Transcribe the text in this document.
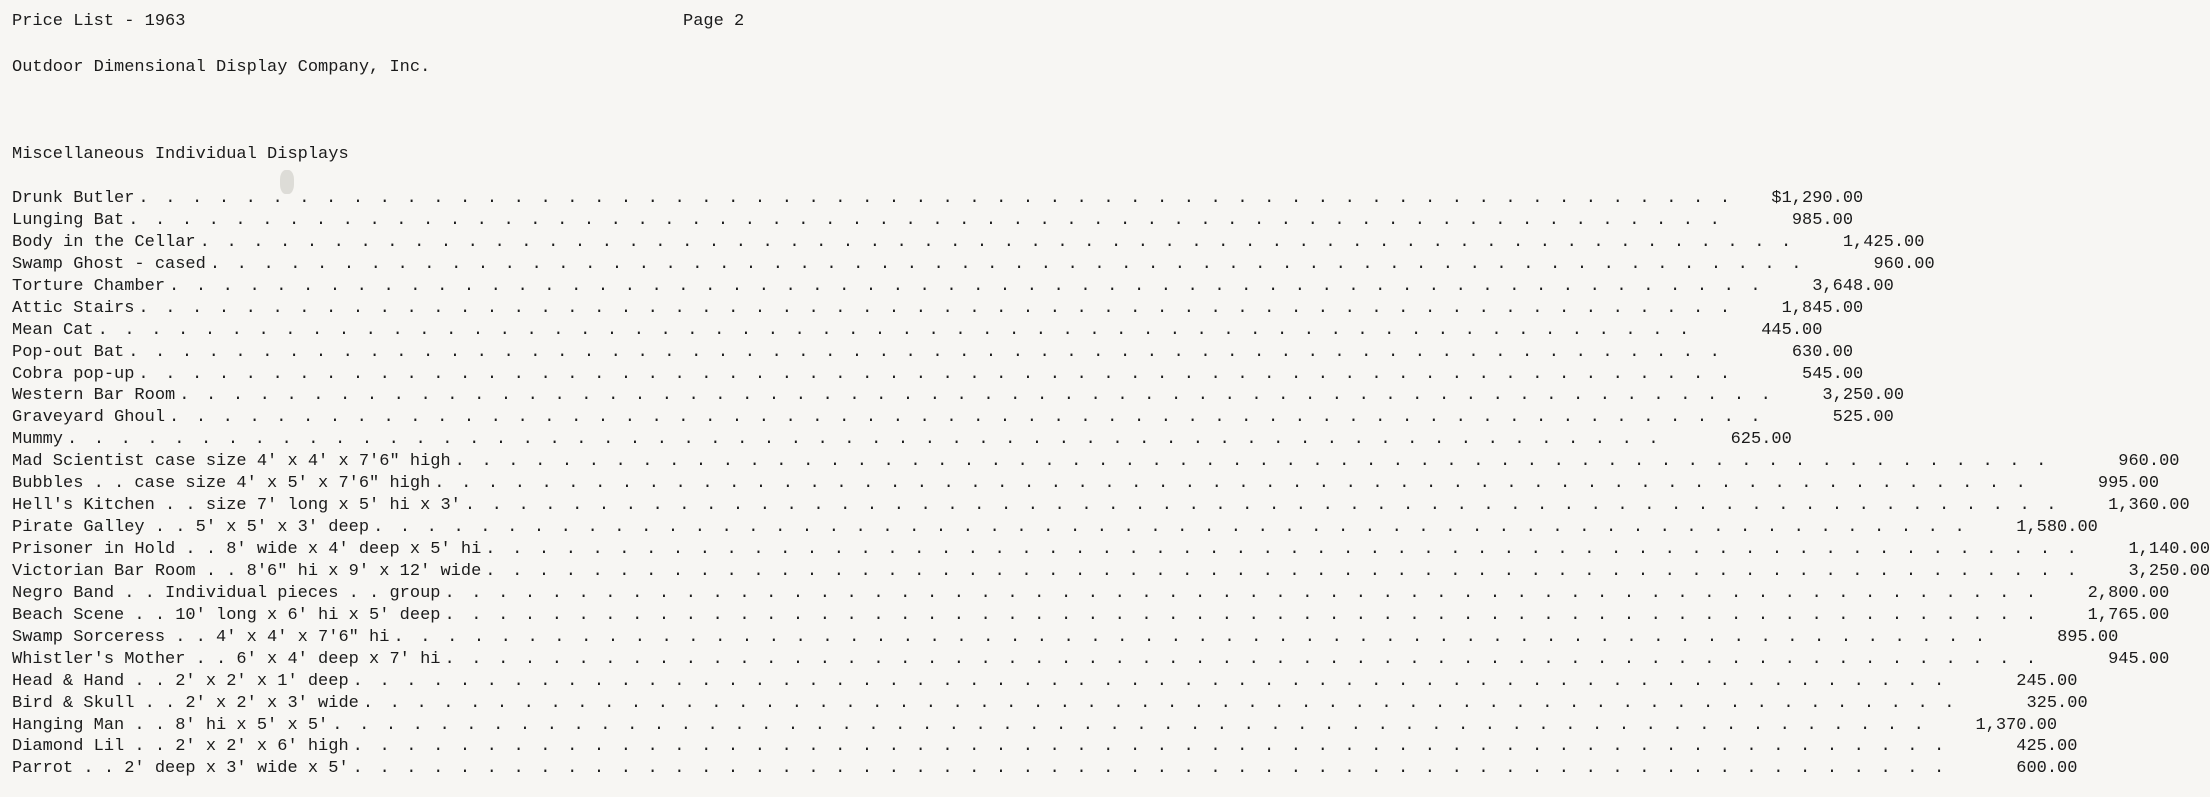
Price List - 1963	Page 2
Outdoor Dimensional Display Company, Inc.
Miscellaneous Individual Displays
Drunk Butler . . . . . . . . . . . . . . . . . . . . . . . . . . . . . . . . . . . . . . . . . . . . . . . . . . . . . . . . . . . .	$1,290.00
Lunging Bat . . . . . . . . . . . . . . . . . . . . . . . . . . . . . . . . . . . . . . . . . . . . . . . . . . . . . . . . . . . .	985.00
Body in the Cellar . . . . . . . . . . . . . . . . . . . . . . . . . . . . . . . . . . . . . . . . . . . . . . . . . . . . . . . . . . . .	1,425.00
Swamp Ghost - cased . . . . . . . . . . . . . . . . . . . . . . . . . . . . . . . . . . . . . . . . . . . . . . . . . . . . . . . . . . . .	960.00
Torture Chamber . . . . . . . . . . . . . . . . . . . . . . . . . . . . . . . . . . . . . . . . . . . . . . . . . . . . . . . . . . . .	3,648.00
Attic Stairs . . . . . . . . . . . . . . . . . . . . . . . . . . . . . . . . . . . . . . . . . . . . . . . . . . . . . . . . . . . .	1,845.00
Mean Cat . . . . . . . . . . . . . . . . . . . . . . . . . . . . . . . . . . . . . . . . . . . . . . . . . . . . . . . . . . . .	445.00
Pop-out Bat . . . . . . . . . . . . . . . . . . . . . . . . . . . . . . . . . . . . . . . . . . . . . . . . . . . . . . . . . . . .	630.00
Cobra pop-up . . . . . . . . . . . . . . . . . . . . . . . . . . . . . . . . . . . . . . . . . . . . . . . . . . . . . . . . . . . .	545.00
Western Bar Room . . . . . . . . . . . . . . . . . . . . . . . . . . . . . . . . . . . . . . . . . . . . . . . . . . . . . . . . . . . .	3,250.00
Graveyard Ghoul . . . . . . . . . . . . . . . . . . . . . . . . . . . . . . . . . . . . . . . . . . . . . . . . . . . . . . . . . . . .	525.00
Mummy . . . . . . . . . . . . . . . . . . . . . . . . . . . . . . . . . . . . . . . . . . . . . . . . . . . . . . . . . . . .	625.00
Mad Scientist case size 4' x 4' x 7'6" high . . . . . . . . . . . . . . . . . . . . . . . . . . . . . . . . . . . . . . . . . . . . . . . . . . . . . . . . . . . .	960.00
Bubbles . . case size 4' x 5' x 7'6" high . . . . . . . . . . . . . . . . . . . . . . . . . . . . . . . . . . . . . . . . . . . . . . . . . . . . . . . . . . . .	995.00
Hell's Kitchen . . size 7' long x 5' hi x 3' . . . . . . . . . . . . . . . . . . . . . . . . . . . . . . . . . . . . . . . . . . . . . . . . . . . . . . . . . . . .	1,360.00
Pirate Galley . . 5' x 5' x 3' deep . . . . . . . . . . . . . . . . . . . . . . . . . . . . . . . . . . . . . . . . . . . . . . . . . . . . . . . . . . . .	1,580.00
Prisoner in Hold . . 8' wide x 4' deep x 5' hi . . . . . . . . . . . . . . . . . . . . . . . . . . . . . . . . . . . . . . . . . . . . . . . . . . . . . . . . . . . .	1,140.00
Victorian Bar Room . . 8'6" hi x 9' x 12' wide . . . . . . . . . . . . . . . . . . . . . . . . . . . . . . . . . . . . . . . . . . . . . . . . . . . . . . . . . . . .	3,250.00
Negro Band . . Individual pieces . . group . . . . . . . . . . . . . . . . . . . . . . . . . . . . . . . . . . . . . . . . . . . . . . . . . . . . . . . . . . . .	2,800.00
Beach Scene . . 10' long x 6' hi x 5' deep . . . . . . . . . . . . . . . . . . . . . . . . . . . . . . . . . . . . . . . . . . . . . . . . . . . . . . . . . . . .	1,765.00
Swamp Sorceress . . 4' x 4' x 7'6" hi . . . . . . . . . . . . . . . . . . . . . . . . . . . . . . . . . . . . . . . . . . . . . . . . . . . . . . . . . . . .	895.00
Whistler's Mother . . 6' x 4' deep x 7' hi . . . . . . . . . . . . . . . . . . . . . . . . . . . . . . . . . . . . . . . . . . . . . . . . . . . . . . . . . . . .	945.00
Head & Hand . . 2' x 2' x 1' deep . . . . . . . . . . . . . . . . . . . . . . . . . . . . . . . . . . . . . . . . . . . . . . . . . . . . . . . . . . . .	245.00
Bird & Skull . . 2' x 2' x 3' wide . . . . . . . . . . . . . . . . . . . . . . . . . . . . . . . . . . . . . . . . . . . . . . . . . . . . . . . . . . . .	325.00
Hanging Man . . 8' hi x 5' x 5' . . . . . . . . . . . . . . . . . . . . . . . . . . . . . . . . . . . . . . . . . . . . . . . . . . . . . . . . . . . .	1,370.00
Diamond Lil . . 2' x 2' x 6' high . . . . . . . . . . . . . . . . . . . . . . . . . . . . . . . . . . . . . . . . . . . . . . . . . . . . . . . . . . . .	425.00
Parrot . . 2' deep x 3' wide x 5' . . . . . . . . . . . . . . . . . . . . . . . . . . . . . . . . . . . . . . . . . . . . . . . . . . . . . . . . . . . .	600.00
